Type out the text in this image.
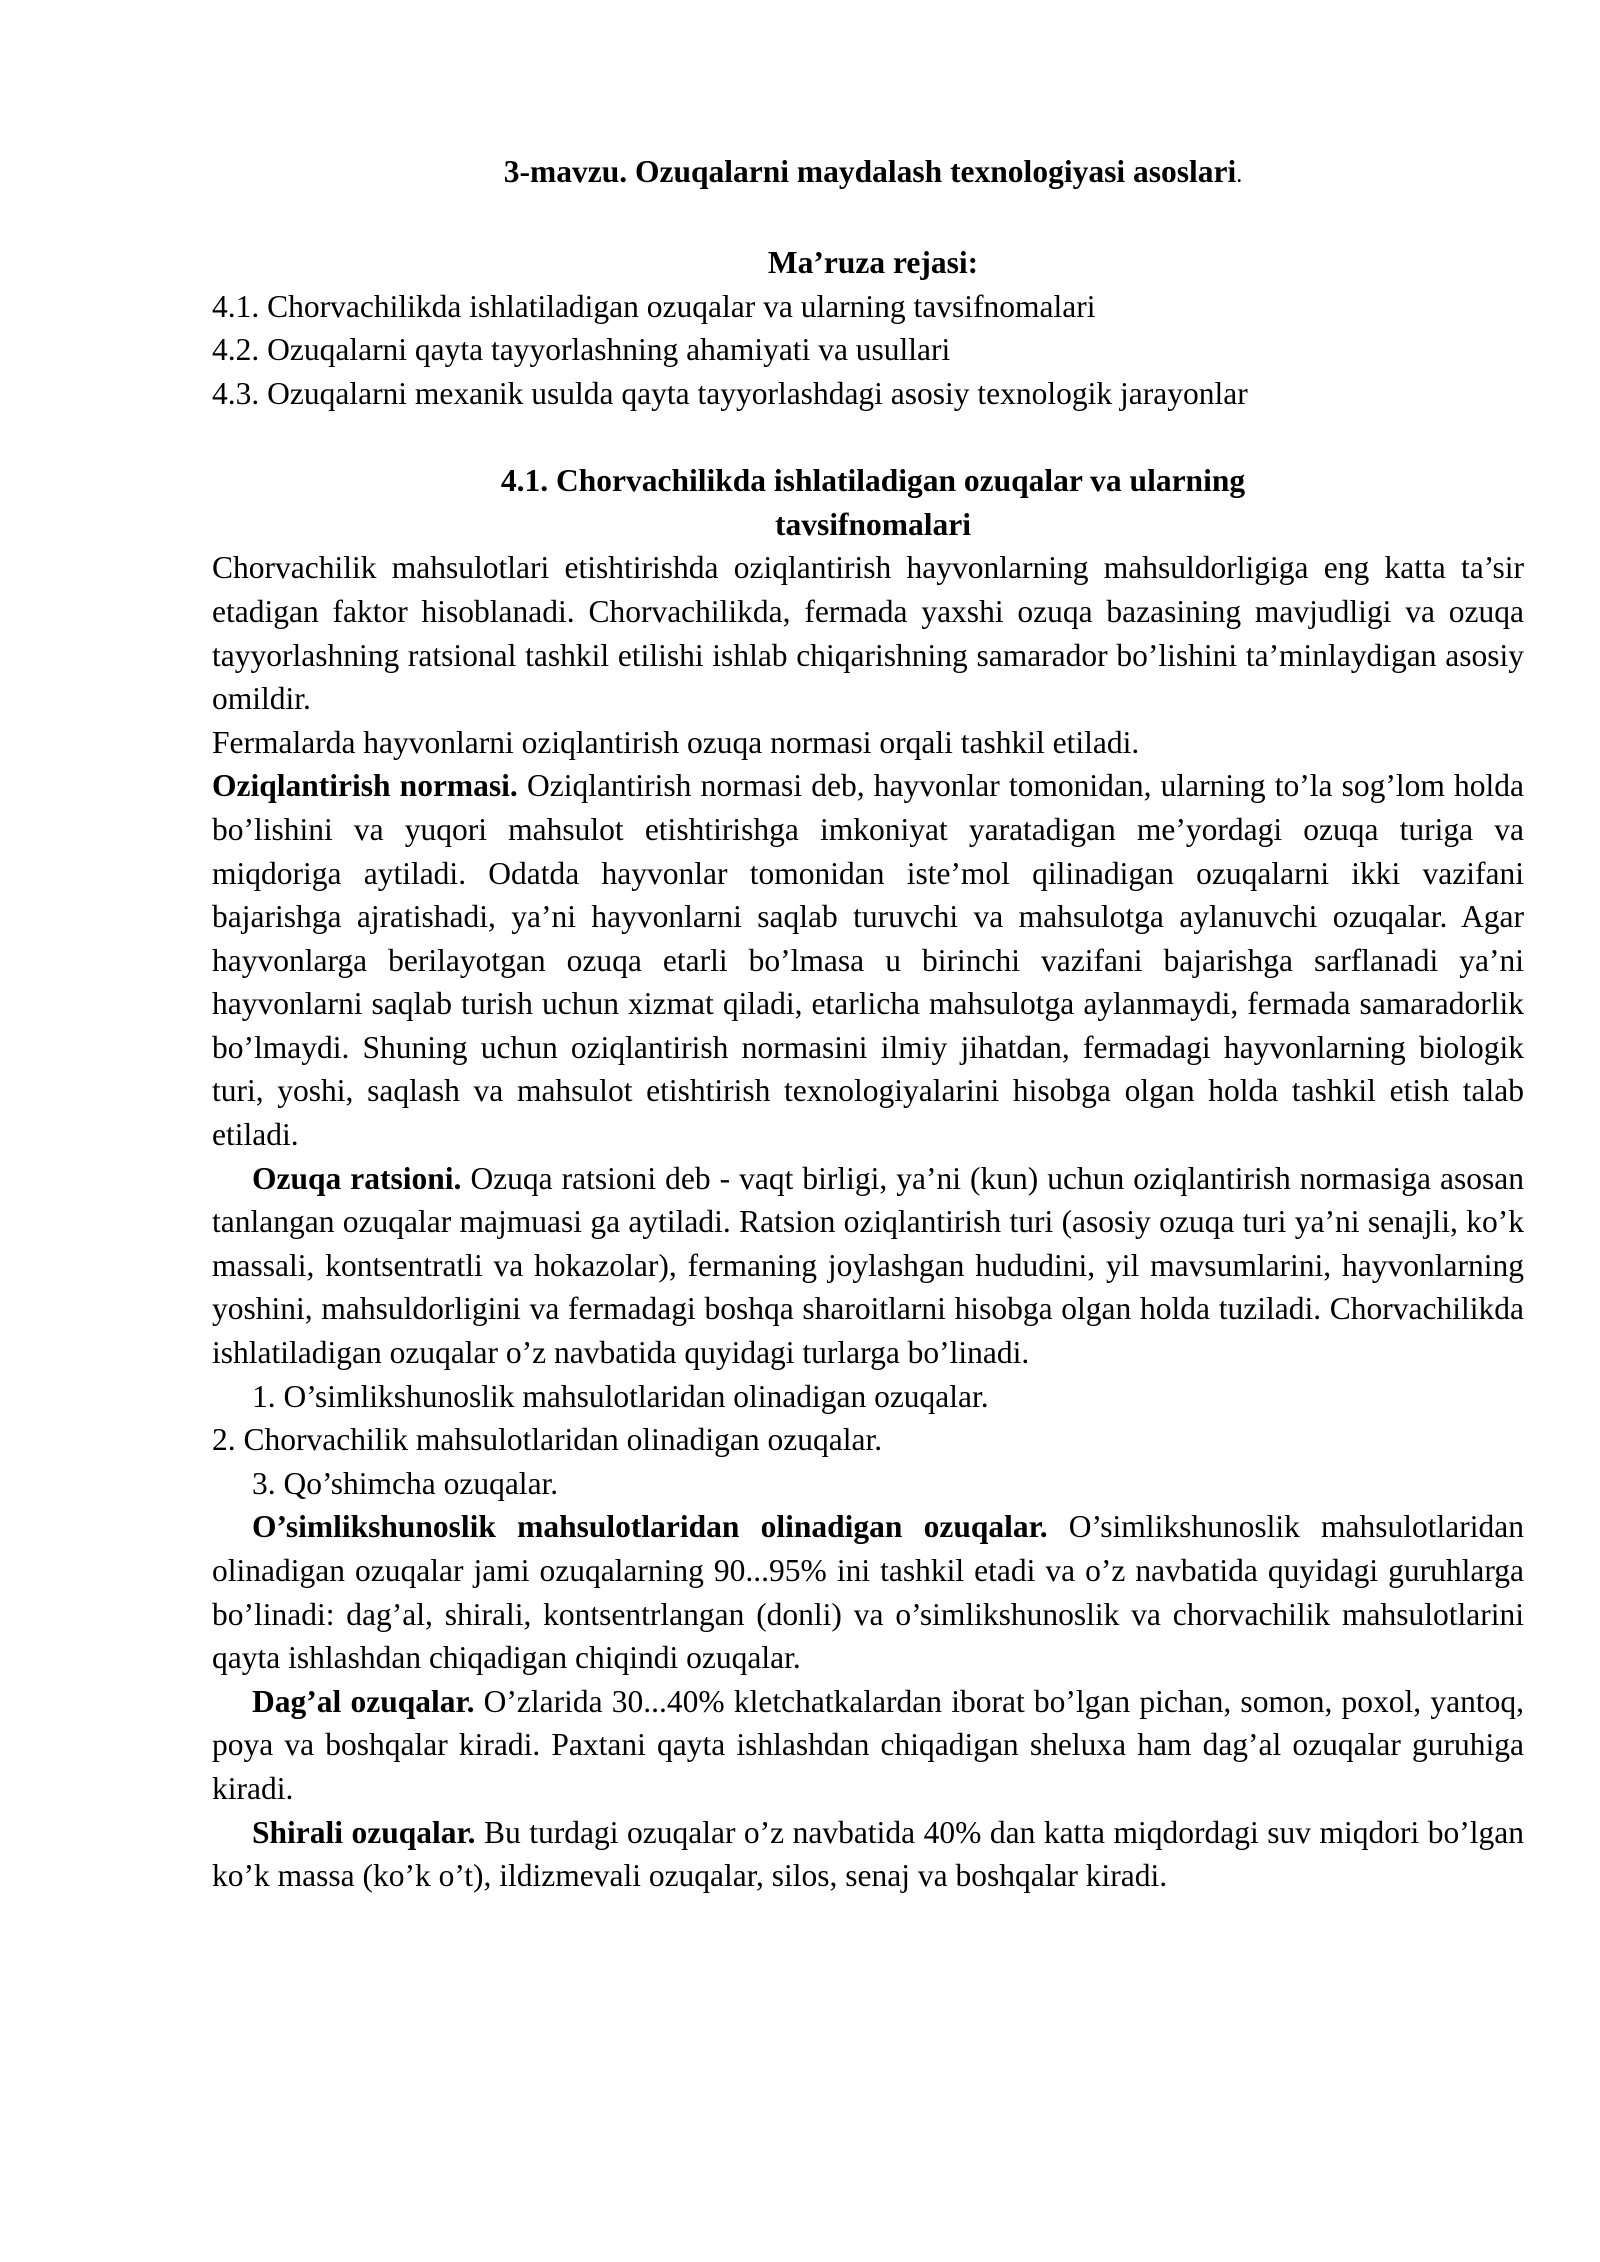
3-mavzu. Ozuqalarni maydalash texnologiyasi asoslari.

Ma’ruza rejasi:

4.1. Chorvachilikda ishlatiladigan ozuqalar va ularning tavsifnomalari

4.2. Ozuqalarni qayta tayyorlashning ahamiyati va usullari

4.3. Ozuqalarni mexanik usulda qayta tayyorlashdagi asosiy texnologik jarayonlar

4.1. Chorvachilikda ishlatiladigan ozuqalar va ularning
tavsifnomalari

Chorvachilik mahsulotlari etishtirishda oziqlantirish hayvonlarning mahsuldorligiga eng katta ta’sir etadigan faktor hisoblanadi. Chorvachilikda, fermada yaxshi ozuqa bazasining mavjudligi va ozuqa tayyorlashning ratsional tashkil etilishi ishlab chiqarishning samarador bo’lishini ta’minlaydigan asosiy omildir.

Fermalarda hayvonlarni oziqlantirish ozuqa normasi orqali tashkil etiladi.

Oziqlantirish normasi. Oziqlantirish normasi deb, hayvonlar tomonidan, ularning to’la sog’lom holda bo’lishini va yuqori mahsulot etishtirishga imkoniyat yaratadigan me’yordagi ozuqa turiga va miqdoriga aytiladi. Odatda hayvonlar tomonidan iste’mol qilinadigan ozuqalarni ikki vazifani bajarishga ajratishadi, ya’ni hayvonlarni saqlab turuvchi va mahsulotga aylanuvchi ozuqalar. Agar hayvonlarga berilayotgan ozuqa etarli bo’lmasa u birinchi vazifani bajarishga sarflanadi ya’ni hayvonlarni saqlab turish uchun xizmat qiladi, etarlicha mahsulotga aylanmaydi, fermada samaradorlik bo’lmaydi. Shuning uchun oziqlantirish normasini ilmiy jihatdan, fermadagi hayvonlarning biologik turi, yoshi, saqlash va mahsulot etishtirish texnologiyalarini hisobga olgan holda tashkil etish talab etiladi.

Ozuqa ratsioni. Ozuqa ratsioni deb - vaqt birligi, ya’ni (kun) uchun oziqlantirish normasiga asosan tanlangan ozuqalar majmuasi ga aytiladi. Ratsion oziqlantirish turi (asosiy ozuqa turi ya’ni senajli, ko’k massali, kontsentratli va hokazolar), fermaning joylashgan hududini, yil mavsumlarini, hayvonlarning yoshini, mahsuldorligini va fermadagi boshqa sharoitlarni hisobga olgan holda tuziladi. Chorvachilikda ishlatiladigan ozuqalar o’z navbatida quyidagi turlarga bo’linadi.

1. O’simlikshunoslik mahsulotlaridan olinadigan ozuqalar.

2. Chorvachilik mahsulotlaridan olinadigan ozuqalar.

3. Qo’shimcha ozuqalar.

O’simlikshunoslik mahsulotlaridan olinadigan ozuqalar. O’simlikshunoslik mahsulotlaridan olinadigan ozuqalar jami ozuqalarning 90...95% ini tashkil etadi va o’z navbatida quyidagi guruhlarga bo’linadi: dag’al, shirali, kontsentrlangan (donli) va o’simlikshunoslik va chorvachilik mahsulotlarini qayta ishlashdan chiqadigan chiqindi ozuqalar.

Dag’al ozuqalar. O’zlarida 30...40% kletchatkalardan iborat bo’lgan pichan, somon, poxol, yantoq, poya va boshqalar kiradi. Paxtani qayta ishlashdan chiqadigan sheluxa ham dag’al ozuqalar guruhiga kiradi.

Shirali ozuqalar. Bu turdagi ozuqalar o’z navbatida 40% dan katta miqdordagi suv miqdori bo’lgan ko’k massa (ko’k o’t), ildizmevali ozuqalar, silos, senaj va boshqalar kiradi.
